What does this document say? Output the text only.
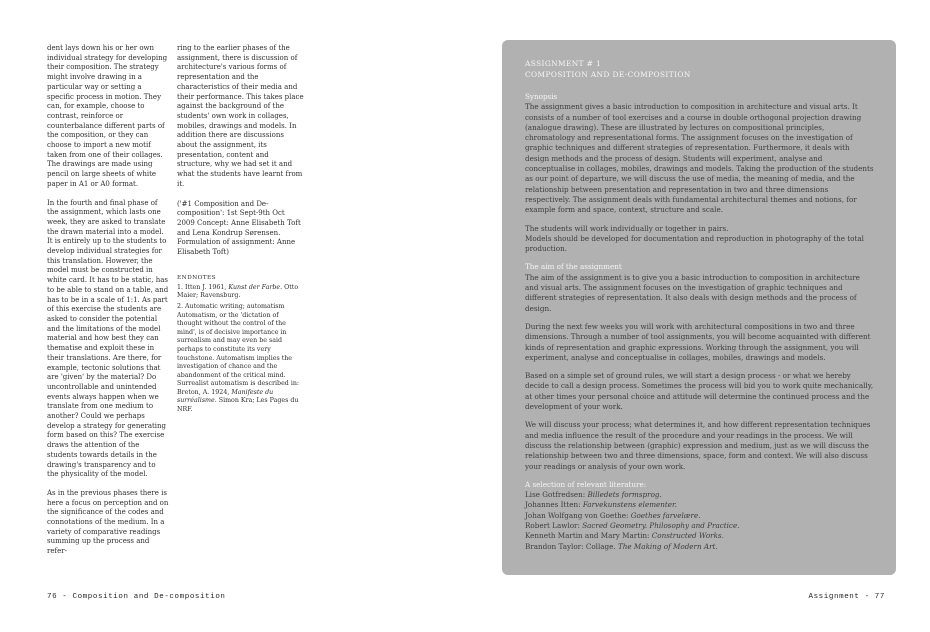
dent lays down his or her own individual strategy for developing their composition. The strategy might involve drawing in a particular way or setting a specific process in motion. They can, for example, choose to contrast, reinforce or counterbalance different parts of the composition, or they can choose to import a new motif taken from one of their collages. The drawings are made using pencil on large sheets of white paper in A1 or A0 format.

In the fourth and final phase of the assignment, which lasts one week, they are asked to translate the drawn material into a model. It is entirely up to the students to develop individual strategies for this translation. However, the model must be constructed in white card. It has to be static, has to be able to stand on a table, and has to be in a scale of 1:1. As part of this exercise the students are asked to consider the potential and the limitations of the model material and how best they can thematise and exploit these in their translations. Are there, for example, tectonic solutions that are 'given' by the material? Do uncontrollable and unintended events always happen when we translate from one medium to another? Could we perhaps develop a strategy for generating form based on this? The exercise draws the attention of the students towards details in the drawing's transparency and to the physicality of the model.

As in the previous phases there is here a focus on perception and on the significance of the codes and connotations of the medium. In a variety of comparative readings summing up the process and refer-

ring to the earlier phases of the assignment, there is discussion of architecture's various forms of representation and the characteristics of their media and their performance. This takes place against the background of the students' own work in collages, mobiles, drawings and models. In addition there are discussions about the assignment, its presentation, content and structure, why we had set it and what the students have learnt from it.

('#1 Composition and De-composition': 1st Sept-9th Oct 2009 Concept: Anne Elisabeth Toft and Lena Kondrup Sørensen. Formulation of assignment: Anne Elisabeth Toft)

ENDNOTES

1. Itten J. 1961, Kunst der Farbe. Otto Maier; Ravensburg.

2. Automatic writing; automatism Automatism, or the 'dictation of thought without the control of the mind', is of decisive importance in surrealism and may even be said perhaps to constitute its very touchstone. Automatism implies the investigation of chance and the abandonment of the critical mind. Surrealist automatism is described in: Breton, A. 1924, Manifeste du surréalisme. Simon Kra; Les Pages du NRF.

76 - Composition and De-composition

ASSIGNMENT # 1

COMPOSITION AND DE-COMPOSITION

Synopsis

The assignment gives a basic introduction to composition in architecture and visual arts. It consists of a number of tool exercises and a course in double orthogonal projection drawing (analogue drawing). These are illustrated by lectures on compositional principles, chromatology and representational forms. The assignment focuses on the investigation of graphic techniques and different strategies of representation. Furthermore, it deals with design methods and the process of design. Students will experiment, analyse and conceptualise in collages, mobiles, drawings and models. Taking the production of the students as our point of departure, we will discuss the use of media, the meaning of media, and the relationship between presentation and representation in two and three dimensions respectively. The assignment deals with fundamental architectural themes and notions, for example form and space, context, structure and scale.

The students will work individually or together in pairs.

Models should be developed for documentation and reproduction in photography of the total production.

The aim of the assignment

The aim of the assignment is to give you a basic introduction to composition in architecture and visual arts. The assignment focuses on the investigation of graphic techniques and different strategies of representation. It also deals with design methods and the process of design.

During the next few weeks you will work with architectural compositions in two and three dimensions. Through a number of tool assignments, you will become acquainted with different kinds of representation and graphic expressions. Working through the assignment, you will experiment, analyse and conceptualise in collages, mobiles, drawings and models.

Based on a simple set of ground rules, we will start a design process - or what we hereby decide to call a design process. Sometimes the process will bid you to work quite mechanically, at other times your personal choice and attitude will determine the continued process and the development of your work.

We will discuss your process; what determines it, and how different representation techniques and media influence the result of the procedure and your readings in the process. We will discuss the relationship between (graphic) expression and medium, just as we will discuss the relationship between two and three dimensions, space, form and context. We will also discuss your readings or analysis of your own work.

A selection of relevant literature:

Lise Gotfredsen: Billedets formsprog.

Johannes Itten: Farvekunstens elementer.

Johan Wolfgang von Goethe: Goethes farvelære.

Robert Lawlor: Sacred Geometry. Philosophy and Practice.

Kenneth Martin and Mary Martin: Constructed Works.

Brandon Taylor: Collage. The Making of Modern Art.

Assignment - 77
